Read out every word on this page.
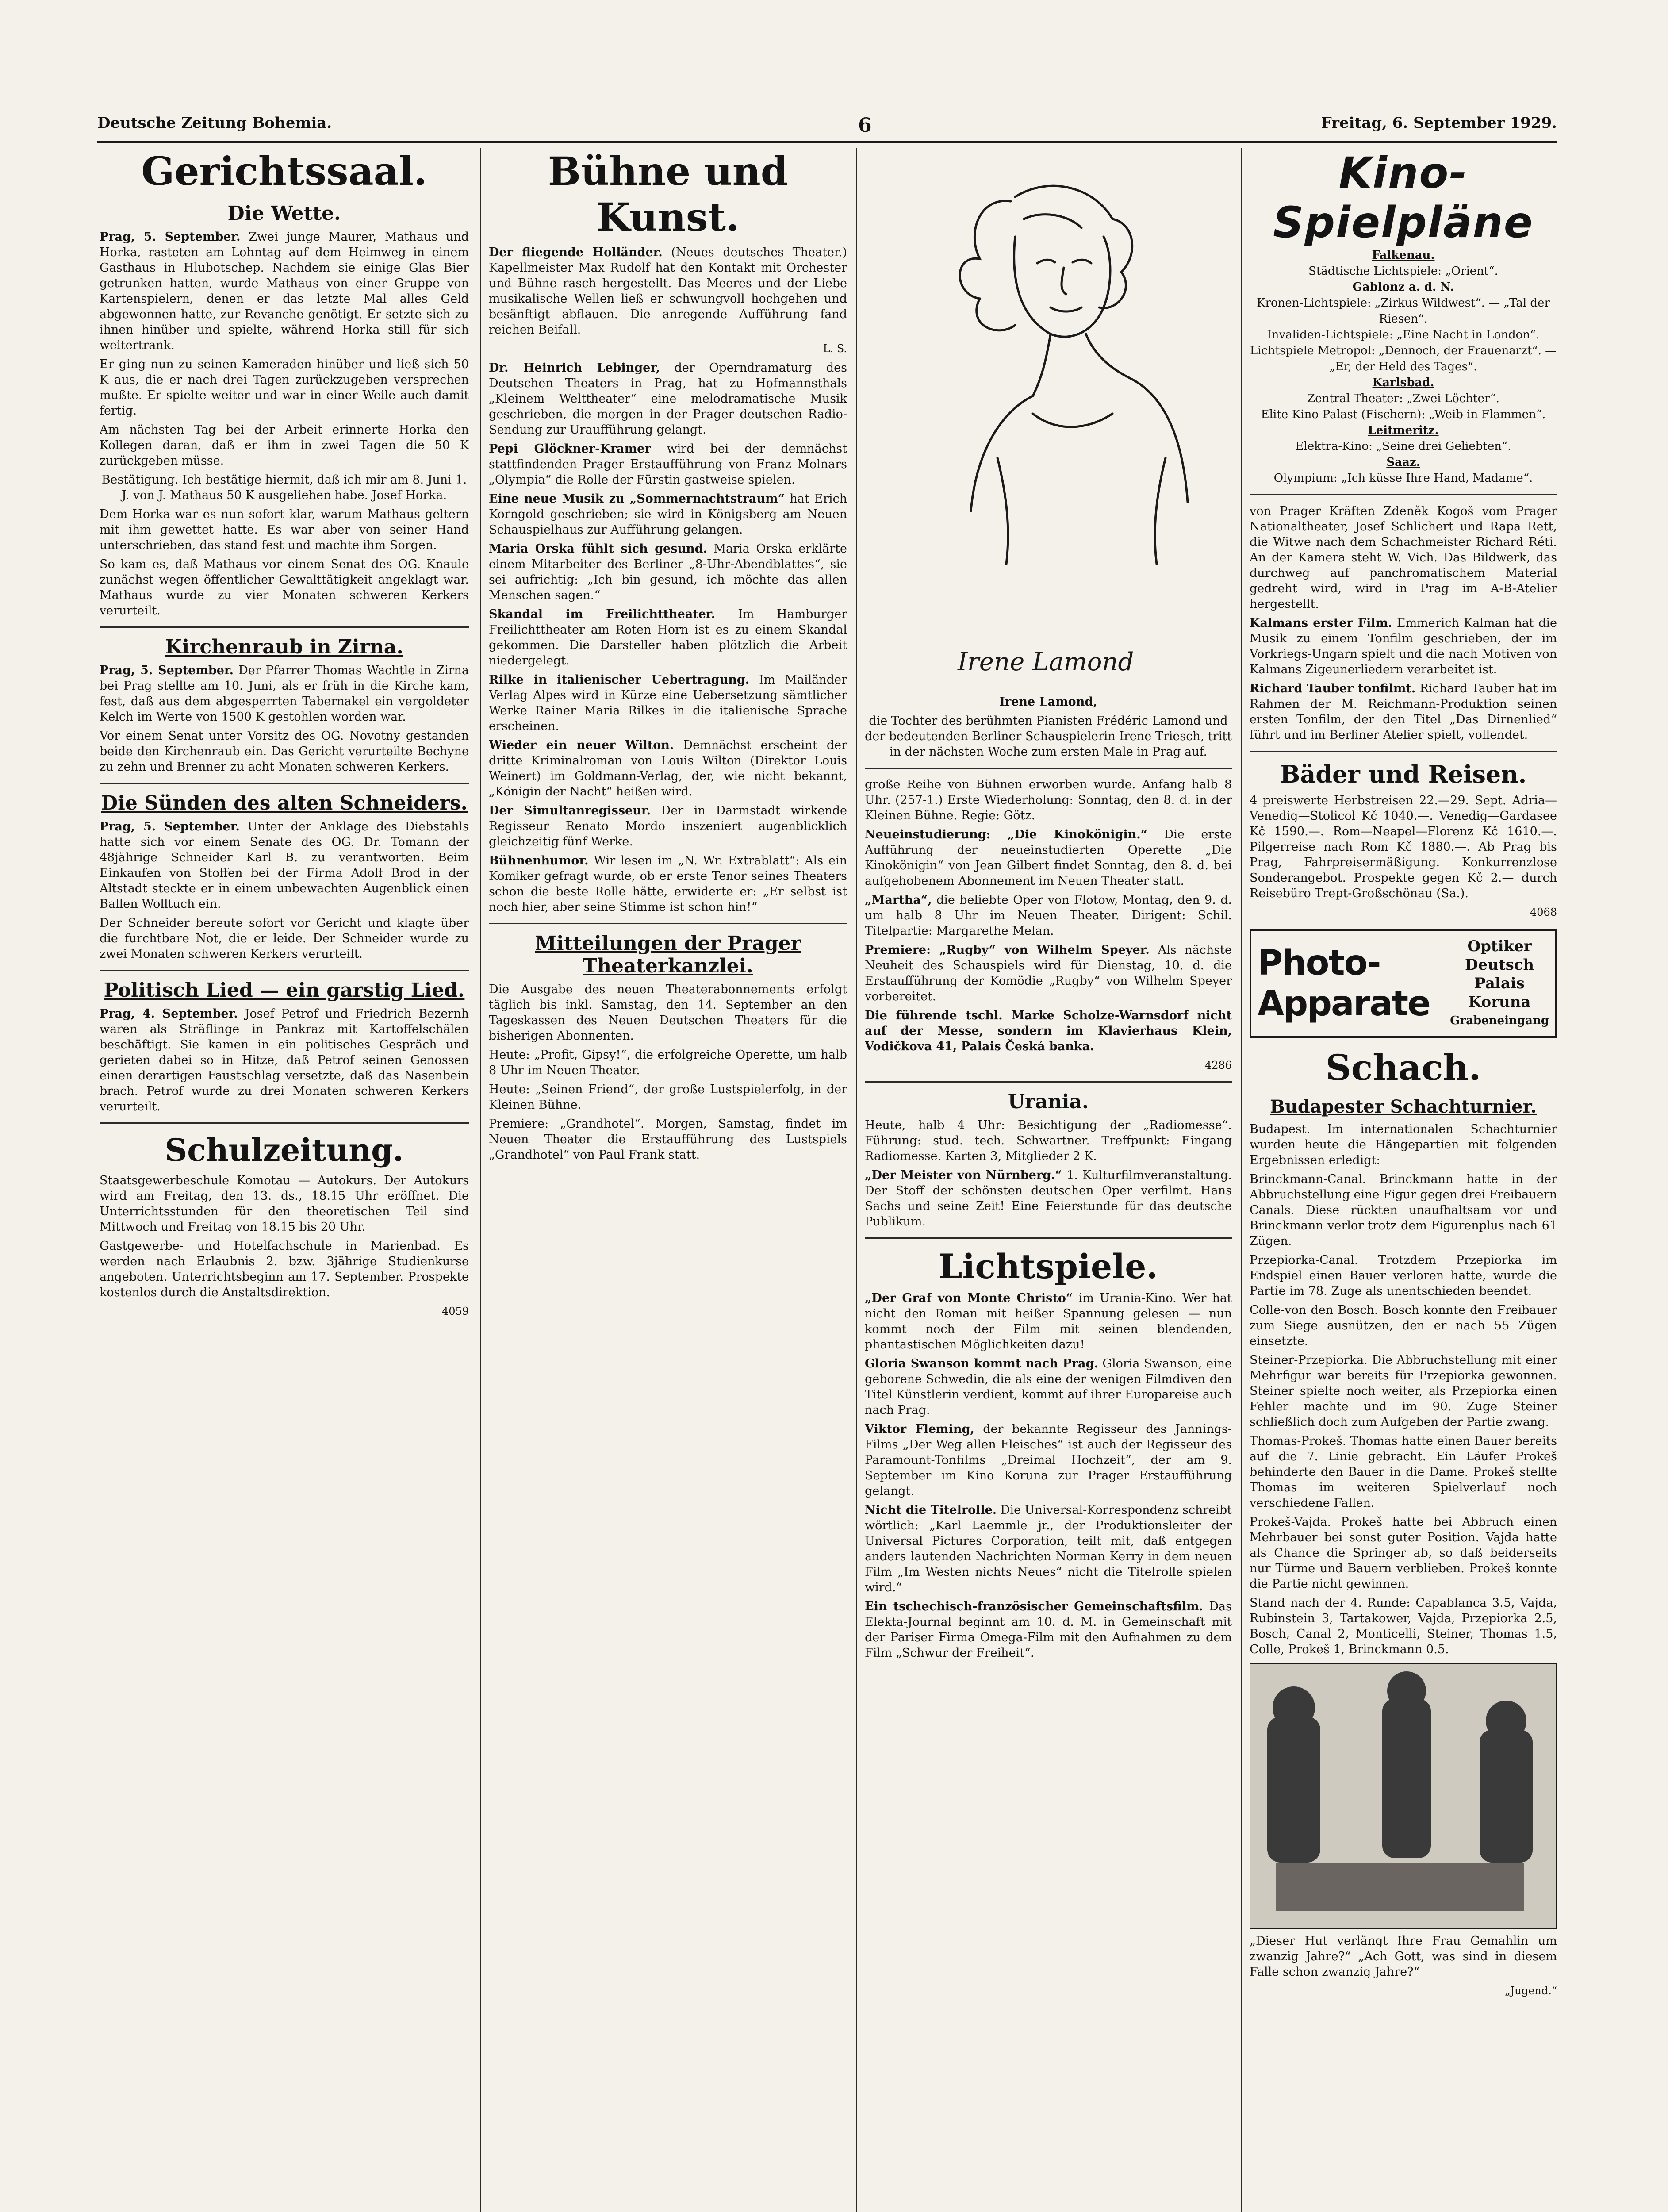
Deutsche Zeitung Bohemia.	6	Freitag, 6. September 1929.
Gerichtssaal.
Die Wette.

Prag, 5. September. Zwei junge Maurer, Mathaus und Horka, rasteten am Lohntag auf dem Heimweg in einem Gasthaus in Hlubotschep. Nachdem sie einige Glas Bier getrunken hatten, wurde Mathaus von einer Gruppe von Kartenspielern, denen er das letzte Mal alles Geld abgewonnen hatte, zur Revanche genötigt. Er setzte sich zu ihnen hinüber und spielte, während Horka still für sich weitertrank.

Er ging nun zu seinen Kameraden hinüber und ließ sich 50 K aus, die er nach drei Tagen zurückzugeben versprechen mußte. Er spielte weiter und war in einer Weile auch damit fertig.

Am nächsten Tag bei der Arbeit erinnerte Horka den Kollegen daran, daß er ihm in zwei Tagen die 50 K zurückgeben müsse.

Bestätigung. Ich bestätige hiermit, daß ich mir am 8. Juni 1. J. von J. Mathaus 50 K ausgeliehen habe. Josef Horka.

Dem Horka war es nun sofort klar, warum Mathaus geltern mit ihm gewettet hatte. Es war aber von seiner Hand unterschrieben, das stand fest und machte ihm Sorgen.

So kam es, daß Mathaus vor einem Senat des OG. Knaule zunächst wegen öffentlicher Gewalttätigkeit angeklagt war. Mathaus wurde zu vier Monaten schweren Kerkers verurteilt.

Kirchenraub in Zirna.

Prag, 5. September. Der Pfarrer Thomas Wachtle in Zirna bei Prag stellte am 10. Juni, als er früh in die Kirche kam, fest, daß aus dem abgesperrten Tabernakel ein vergoldeter Kelch im Werte von 1500 K gestohlen worden war.

Vor einem Senat unter Vorsitz des OG. Novotny gestanden beide den Kirchenraub ein. Das Gericht verurteilte Bechyne zu zehn und Brenner zu acht Monaten schweren Kerkers.

Die Sünden des alten Schneiders.

Prag, 5. September. Unter der Anklage des Diebstahls hatte sich vor einem Senate des OG. Dr. Tomann der 48jährige Schneider Karl B. zu verantworten. Beim Einkaufen von Stoffen bei der Firma Adolf Brod in der Altstadt steckte er in einem unbewachten Augenblick einen Ballen Wolltuch ein.

Der Schneider bereute sofort vor Gericht und klagte über die furchtbare Not, die er leide. Der Schneider wurde zu zwei Monaten schweren Kerkers verurteilt.

Politisch Lied — ein garstig Lied.

Prag, 4. September. Josef Petrof und Friedrich Bezernh waren als Sträflinge in Pankraz mit Kartoffelschälen beschäftigt. Sie kamen in ein politisches Gespräch und gerieten dabei so in Hitze, daß Petrof seinen Genossen einen derartigen Faustschlag versetzte, daß das Nasenbein brach. Petrof wurde zu drei Monaten schweren Kerkers verurteilt.

Schulzeitung.

Staatsgewerbeschule Komotau — Autokurs. Der Autokurs wird am Freitag, den 13. ds., 18.15 Uhr eröffnet. Die Unterrichtsstunden für den theoretischen Teil sind Mittwoch und Freitag von 18.15 bis 20 Uhr.

Gastgewerbe- und Hotelfachschule in Marienbad. Es werden nach Erlaubnis 2. bzw. 3jährige Studienkurse angeboten. Unterrichtsbeginn am 17. September. Prospekte kostenlos durch die Anstaltsdirektion.

4059

Bühne und Kunst.

Der fliegende Holländer. (Neues deutsches Theater.) Kapellmeister Max Rudolf hat den Kontakt mit Orchester und Bühne rasch hergestellt. Das Meeres und der Liebe musikalische Wellen ließ er schwungvoll hochgehen und besänftigt abflauen. Die anregende Aufführung fand reichen Beifall.

L. S.

Dr. Heinrich Lebinger, der Operndramaturg des Deutschen Theaters in Prag, hat zu Hofmannsthals „Kleinem Welttheater“ eine melodramatische Musik geschrieben, die morgen in der Prager deutschen Radio-Sendung zur Uraufführung gelangt.

Pepi Glöckner-Kramer wird bei der demnächst stattfindenden Prager Erstaufführung von Franz Molnars „Olympia“ die Rolle der Fürstin gastweise spielen.

Eine neue Musik zu „Sommernachtstraum“ hat Erich Korngold geschrieben; sie wird in Königsberg am Neuen Schauspielhaus zur Aufführung gelangen.

Maria Orska fühlt sich gesund. Maria Orska erklärte einem Mitarbeiter des Berliner „8-Uhr-Abendblattes“, sie sei aufrichtig: „Ich bin gesund, ich möchte das allen Menschen sagen.“

Skandal im Freilichttheater. Im Hamburger Freilichttheater am Roten Horn ist es zu einem Skandal gekommen. Die Darsteller haben plötzlich die Arbeit niedergelegt.

Rilke in italienischer Uebertragung. Im Mailänder Verlag Alpes wird in Kürze eine Uebersetzung sämtlicher Werke Rainer Maria Rilkes in die italienische Sprache erscheinen.

Wieder ein neuer Wilton. Demnächst erscheint der dritte Kriminalroman von Louis Wilton (Direktor Louis Weinert) im Goldmann-Verlag, der, wie nicht bekannt, „Königin der Nacht“ heißen wird.

Der Simultanregisseur. Der in Darmstadt wirkende Regisseur Renato Mordo inszeniert augenblicklich gleichzeitig fünf Werke.

Bühnenhumor. Wir lesen im „N. Wr. Extrablatt“: Als ein Komiker gefragt wurde, ob er erste Tenor seines Theaters schon die beste Rolle hätte, erwiderte er: „Er selbst ist noch hier, aber seine Stimme ist schon hin!“

Mitteilungen der Prager Theaterkanzlei.

Die Ausgabe des neuen Theaterabonnements erfolgt täglich bis inkl. Samstag, den 14. September an den Tageskassen des Neuen Deutschen Theaters für die bisherigen Abonnenten.

Heute: „Profit, Gipsy!“, die erfolgreiche Operette, um halb 8 Uhr im Neuen Theater.

Heute: „Seinen Friend“, der große Lustspielerfolg, in der Kleinen Bühne.

Premiere: „Grandhotel“. Morgen, Samstag, findet im Neuen Theater die Erstaufführung des Lustspiels „Grandhotel“ von Paul Frank statt.

Irene Lamond

Irene Lamond,

die Tochter des berühmten Pianisten Frédéric Lamond und der bedeutenden Berliner Schauspielerin Irene Triesch, tritt in der nächsten Woche zum ersten Male in Prag auf.

große Reihe von Bühnen erworben wurde. Anfang halb 8 Uhr. (257-1.) Erste Wiederholung: Sonntag, den 8. d. in der Kleinen Bühne. Regie: Götz.

Neueinstudierung: „Die Kinokönigin.“ Die erste Aufführung der neueinstudierten Operette „Die Kinokönigin“ von Jean Gilbert findet Sonntag, den 8. d. bei aufgehobenem Abonnement im Neuen Theater statt.

„Martha“, die beliebte Oper von Flotow, Montag, den 9. d. um halb 8 Uhr im Neuen Theater. Dirigent: Schil. Titelpartie: Margarethe Melan.

Premiere: „Rugby“ von Wilhelm Speyer. Als nächste Neuheit des Schauspiels wird für Dienstag, 10. d. die Erstaufführung der Komödie „Rugby“ von Wilhelm Speyer vorbereitet.

Die führende tschl. Marke Scholze-Warnsdorf nicht auf der Messe, sondern im Klavierhaus Klein, Vodičkova 41, Palais Česká banka.

4286

Urania.

Heute, halb 4 Uhr: Besichtigung der „Radiomesse“. Führung: stud. tech. Schwartner. Treffpunkt: Eingang Radiomesse. Karten 3, Mitglieder 2 K.

„Der Meister von Nürnberg.“ 1. Kulturfilmveranstaltung. Der Stoff der schönsten deutschen Oper verfilmt. Hans Sachs und seine Zeit! Eine Feierstunde für das deutsche Publikum.

Lichtspiele.

„Der Graf von Monte Christo“ im Urania-Kino. Wer hat nicht den Roman mit heißer Spannung gelesen — nun kommt noch der Film mit seinen blendenden, phantastischen Möglichkeiten dazu!

Gloria Swanson kommt nach Prag. Gloria Swanson, eine geborene Schwedin, die als eine der wenigen Filmdiven den Titel Künstlerin verdient, kommt auf ihrer Europareise auch nach Prag.

Viktor Fleming, der bekannte Regisseur des Jannings-Films „Der Weg allen Fleisches“ ist auch der Regisseur des Paramount-Tonfilms „Dreimal Hochzeit“, der am 9. September im Kino Koruna zur Prager Erstaufführung gelangt.

Nicht die Titelrolle. Die Universal-Korrespondenz schreibt wörtlich: „Karl Laemmle jr., der Produktionsleiter der Universal Pictures Corporation, teilt mit, daß entgegen anders lautenden Nachrichten Norman Kerry in dem neuen Film „Im Westen nichts Neues“ nicht die Titelrolle spielen wird.“

Ein tschechisch-französischer Gemeinschaftsfilm. Das Elekta-Journal beginnt am 10. d. M. in Gemeinschaft mit der Pariser Firma Omega-Film mit den Aufnahmen zu dem Film „Schwur der Freiheit“.

Kino-Spielpläne
Falkenau.
Städtische Lichtspiele: „Orient“.
Gablonz a. d. N.
Kronen-Lichtspiele: „Zirkus Wildwest“. — „Tal der Riesen“.
Invaliden-Lichtspiele: „Eine Nacht in London“.
Lichtspiele Metropol: „Dennoch, der Frauenarzt“. — „Er, der Held des Tages“.
Karlsbad.
Zentral-Theater: „Zwei Löchter“.
Elite-Kino-Palast (Fischern): „Weib in Flammen“.
Leitmeritz.
Elektra-Kino: „Seine drei Geliebten“.
Saaz.
Olympium: „Ich küsse Ihre Hand, Madame“.

von Prager Kräften Zdeněk Kogoš vom Prager Nationaltheater, Josef Schlichert und Rapa Rett, die Witwe nach dem Schachmeister Richard Réti. An der Kamera steht W. Vich. Das Bildwerk, das durchweg auf panchromatischem Material gedreht wird, wird in Prag im A-B-Atelier hergestellt.

Kalmans erster Film. Emmerich Kalman hat die Musik zu einem Tonfilm geschrieben, der im Vorkriegs-Ungarn spielt und die nach Motiven von Kalmans Zigeunerliedern verarbeitet ist.

Richard Tauber tonfilmt. Richard Tauber hat im Rahmen der M. Reichmann-Produktion seinen ersten Tonfilm, der den Titel „Das Dirnenlied“ führt und im Berliner Atelier spielt, vollendet.

Bäder und Reisen.

4 preiswerte Herbstreisen 22.—29. Sept. Adria—Venedig—Stolicol Kč 1040.—. Venedig—Gardasee Kč 1590.—. Rom—Neapel—Florenz Kč 1610.—. Pilgerreise nach Rom Kč 1880.—. Ab Prag bis Prag, Fahrpreisermäßigung. Konkurrenzlose Sonderangebot. Prospekte gegen Kč 2.— durch Reisebüro Trept-Großschönau (Sa.).

4068

Photo-Apparate
Optiker Deutsch
Palais Koruna
Grabeneingang
Schach.
Budapester Schachturnier.

Budapest. Im internationalen Schachturnier wurden heute die Hängepartien mit folgenden Ergebnissen erledigt:

Brinckmann-Canal. Brinckmann hatte in der Abbruchstellung eine Figur gegen drei Freibauern Canals. Diese rückten unaufhaltsam vor und Brinckmann verlor trotz dem Figurenplus nach 61 Zügen.

Przepiorka-Canal. Trotzdem Przepiorka im Endspiel einen Bauer verloren hatte, wurde die Partie im 78. Zuge als unentschieden beendet.

Colle-von den Bosch. Bosch konnte den Freibauer zum Siege ausnützen, den er nach 55 Zügen einsetzte.

Steiner-Przepiorka. Die Abbruchstellung mit einer Mehrfigur war bereits für Przepiorka gewonnen. Steiner spielte noch weiter, als Przepiorka einen Fehler machte und im 90. Zuge Steiner schließlich doch zum Aufgeben der Partie zwang.

Thomas-Prokeš. Thomas hatte einen Bauer bereits auf die 7. Linie gebracht. Ein Läufer Prokeš behinderte den Bauer in die Dame. Prokeš stellte Thomas im weiteren Spielverlauf noch verschiedene Fallen.

Prokeš-Vajda. Prokeš hatte bei Abbruch einen Mehrbauer bei sonst guter Position. Vajda hatte als Chance die Springer ab, so daß beiderseits nur Türme und Bauern verblieben. Prokeš konnte die Partie nicht gewinnen.

Stand nach der 4. Runde: Capablanca 3.5, Vajda, Rubinstein 3, Tartakower, Vajda, Przepiorka 2.5, Bosch, Canal 2, Monticelli, Steiner, Thomas 1.5, Colle, Prokeš 1, Brinckmann 0.5.

„Dieser Hut verlängt Ihre Frau Gemahlin um zwanzig Jahre?“ „Ach Gott, was sind in diesem Falle schon zwanzig Jahre?“

„Jugend.“
